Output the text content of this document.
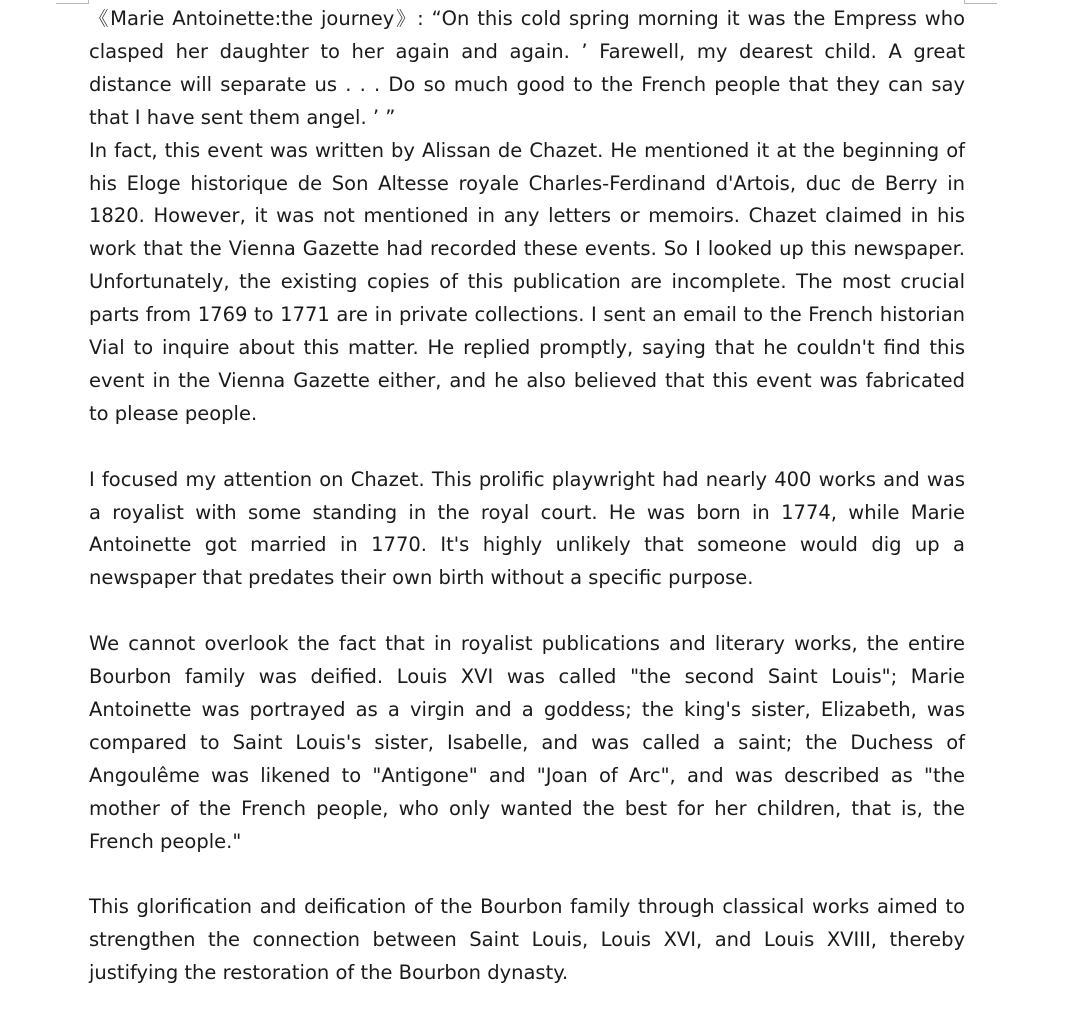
《Marie Antoinette:the journey》: “On this cold spring morning it was the Empress who clasped her daughter to her again and again. ’ Farewell, my dearest child. A great distance will separate us . . . Do so much good to the French people that they can say that I have sent them angel. ’ ”

In fact, this event was written by Alissan de Chazet. He mentioned it at the beginning of his Eloge historique de Son Altesse royale Charles-Ferdinand d'Artois, duc de Berry in 1820. However, it was not mentioned in any letters or memoirs. Chazet claimed in his work that the Vienna Gazette had recorded these events. So I looked up this newspaper. Unfortunately, the existing copies of this publication are incomplete. The most crucial parts from 1769 to 1771 are in private collections. I sent an email to the French historian Vial to inquire about this matter. He replied promptly, saying that he couldn't find this event in the Vienna Gazette either, and he also believed that this event was fabricated to please people.

I focused my attention on Chazet. This prolific playwright had nearly 400 works and was a royalist with some standing in the royal court. He was born in 1774, while Marie Antoinette got married in 1770. It's highly unlikely that someone would dig up a newspaper that predates their own birth without a specific purpose.

We cannot overlook the fact that in royalist publications and literary works, the entire Bourbon family was deified. Louis XVI was called "the second Saint Louis"; Marie Antoinette was portrayed as a virgin and a goddess; the king's sister, Elizabeth, was compared to Saint Louis's sister, Isabelle, and was called a saint; the Duchess of Angoulême was likened to "Antigone" and "Joan of Arc", and was described as "the mother of the French people, who only wanted the best for her children, that is, the French people."

This glorification and deification of the Bourbon family through classical works aimed to strengthen the connection between Saint Louis, Louis XVI, and Louis XVIII, thereby justifying the restoration of the Bourbon dynasty.
